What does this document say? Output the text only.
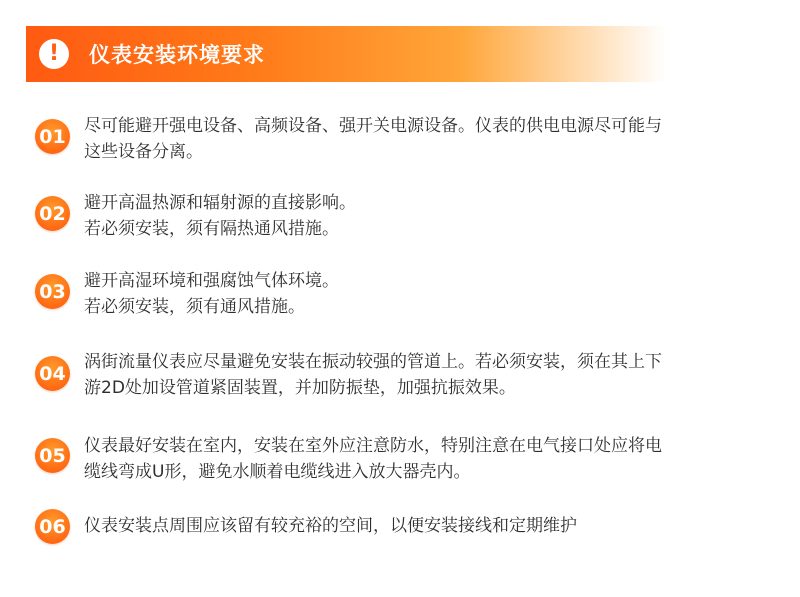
!	仪表安装环境要求
01 尽可能避开强电设备、高频设备、强开关电源设备。仪表的供电电源尽可能与
这些设备分离。
02 避开高温热源和辐射源的直接影响。
若必须安装，须有隔热通风措施。
03 避开高湿环境和强腐蚀气体环境。
若必须安装，须有通风措施。
04
涡街流量仪表应尽量避免安装在振动较强的管道上。若必须安装，须在其上下
游2D处加设管道紧固装置，并加防振垫，加强抗振效果。
05 仪表最好安装在室内，安装在室外应注意防水，特别注意在电气接口处应将电
缆线弯成U形，避免水顺着电缆线进入放大器壳内。
06 仪表安装点周围应该留有较充裕的空间，以便安装接线和定期维护
